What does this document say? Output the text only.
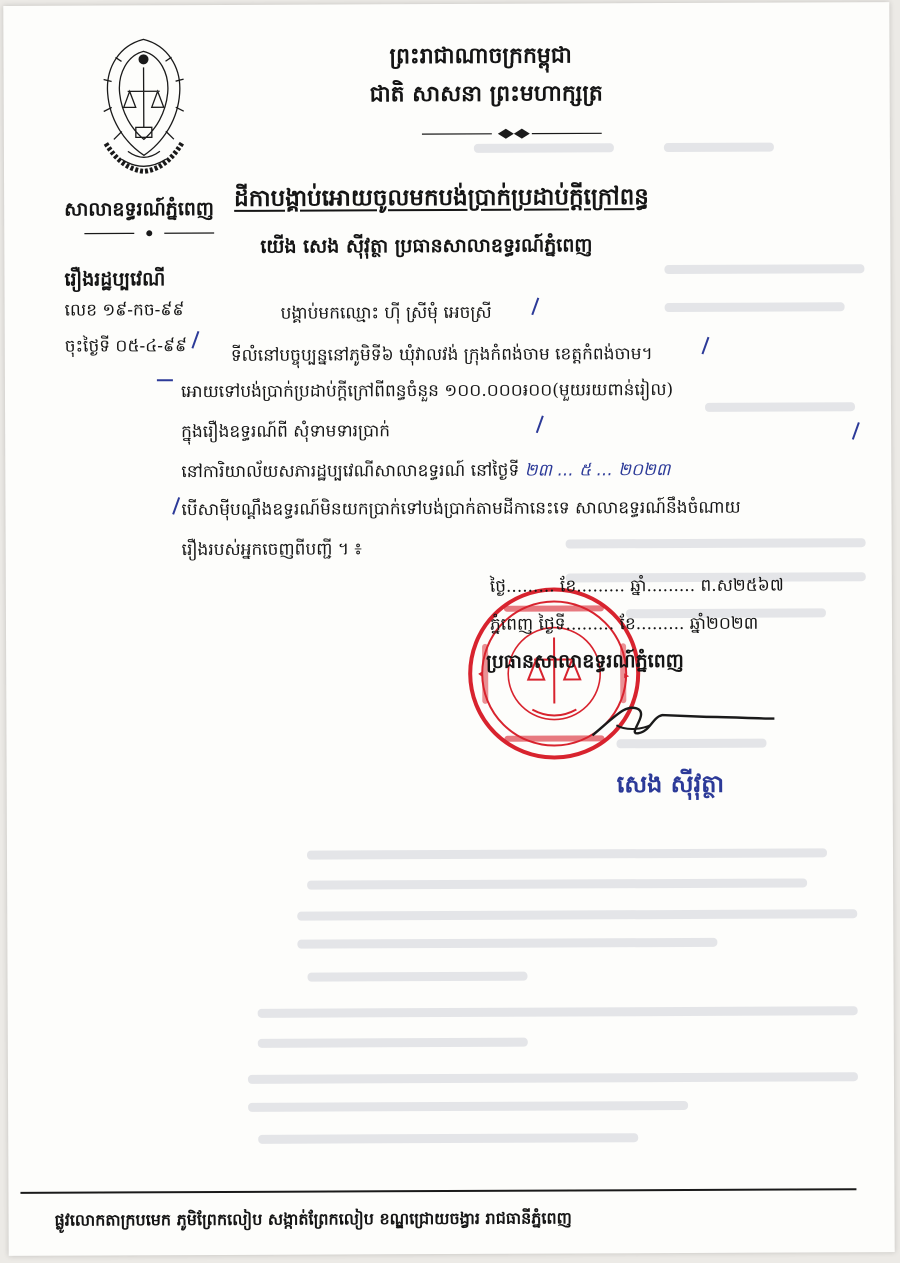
សាលាឧទ្ធរណ៍ភ្នំពេញ
ព្រះរាជាណាចក្រកម្ពុជា
ជាតិ សាសនា ព្រះមហាក្សត្រ
ដីកាបង្គាប់អោយចូលមកបង់ប្រាក់ប្រដាប់ក្តីក្រៅពន្ធ
យើង សេង ស៊ីវុត្ថា ប្រធានសាលាឧទ្ធរណ៍ភ្នំពេញ
រឿងរដ្ឋប្បវេណី
លេខ ១៩-កច-៩៩
ចុះថ្ងៃទី ០៥-៤-៩៩
បង្គាប់មកឈ្មោះ ហ៊ី ស្រីមុំ អេចស្រី
ទីលំនៅបច្ចុប្បន្ននៅភូមិទី៦ ឃុំវាលវង់ ក្រុងកំពង់ចាម ខេត្តកំពង់ចាម។
អោយទៅបង់ប្រាក់ប្រដាប់ក្តីក្រៅពីពន្ធចំនួន ១០០.០០០៛០០(មួយរយពាន់រៀល)
ក្នុងរឿងឧទ្ធរណ៍ពី សុំទាមទារប្រាក់
នៅការិយាល័យសភារដ្ឋប្បវេណីសាលាឧទ្ធរណ៍ នៅថ្ងៃទី ២៣ ... ៥ ... ២០២៣
បើសាម៉ីបណ្តឹងឧទ្ធរណ៍មិនយកប្រាក់ទៅបង់ប្រាក់តាមដីកានេះទេ សាលាឧទ្ធរណ៍នឹងចំណាយ
រឿងរបស់អ្នកចេញពីបញ្ជី ។ ៖
ថ្ងៃ......... ខែ......... ឆ្នាំ......... ព.ស២៥៦៧
ភ្នំពេញ ថ្ងៃទី......... ខែ......... ឆ្នាំ២០២៣
ប្រធានសាលាឧទ្ធរណ៍ភ្នំពេញ
សេង ស៊ីវុត្ថា
ផ្លូវលោកតាក្របមេក ភូមិព្រែកលៀប សង្កាត់ព្រែកលៀប ខណ្ឌជ្រោយចង្វារ រាជធានីភ្នំពេញ
